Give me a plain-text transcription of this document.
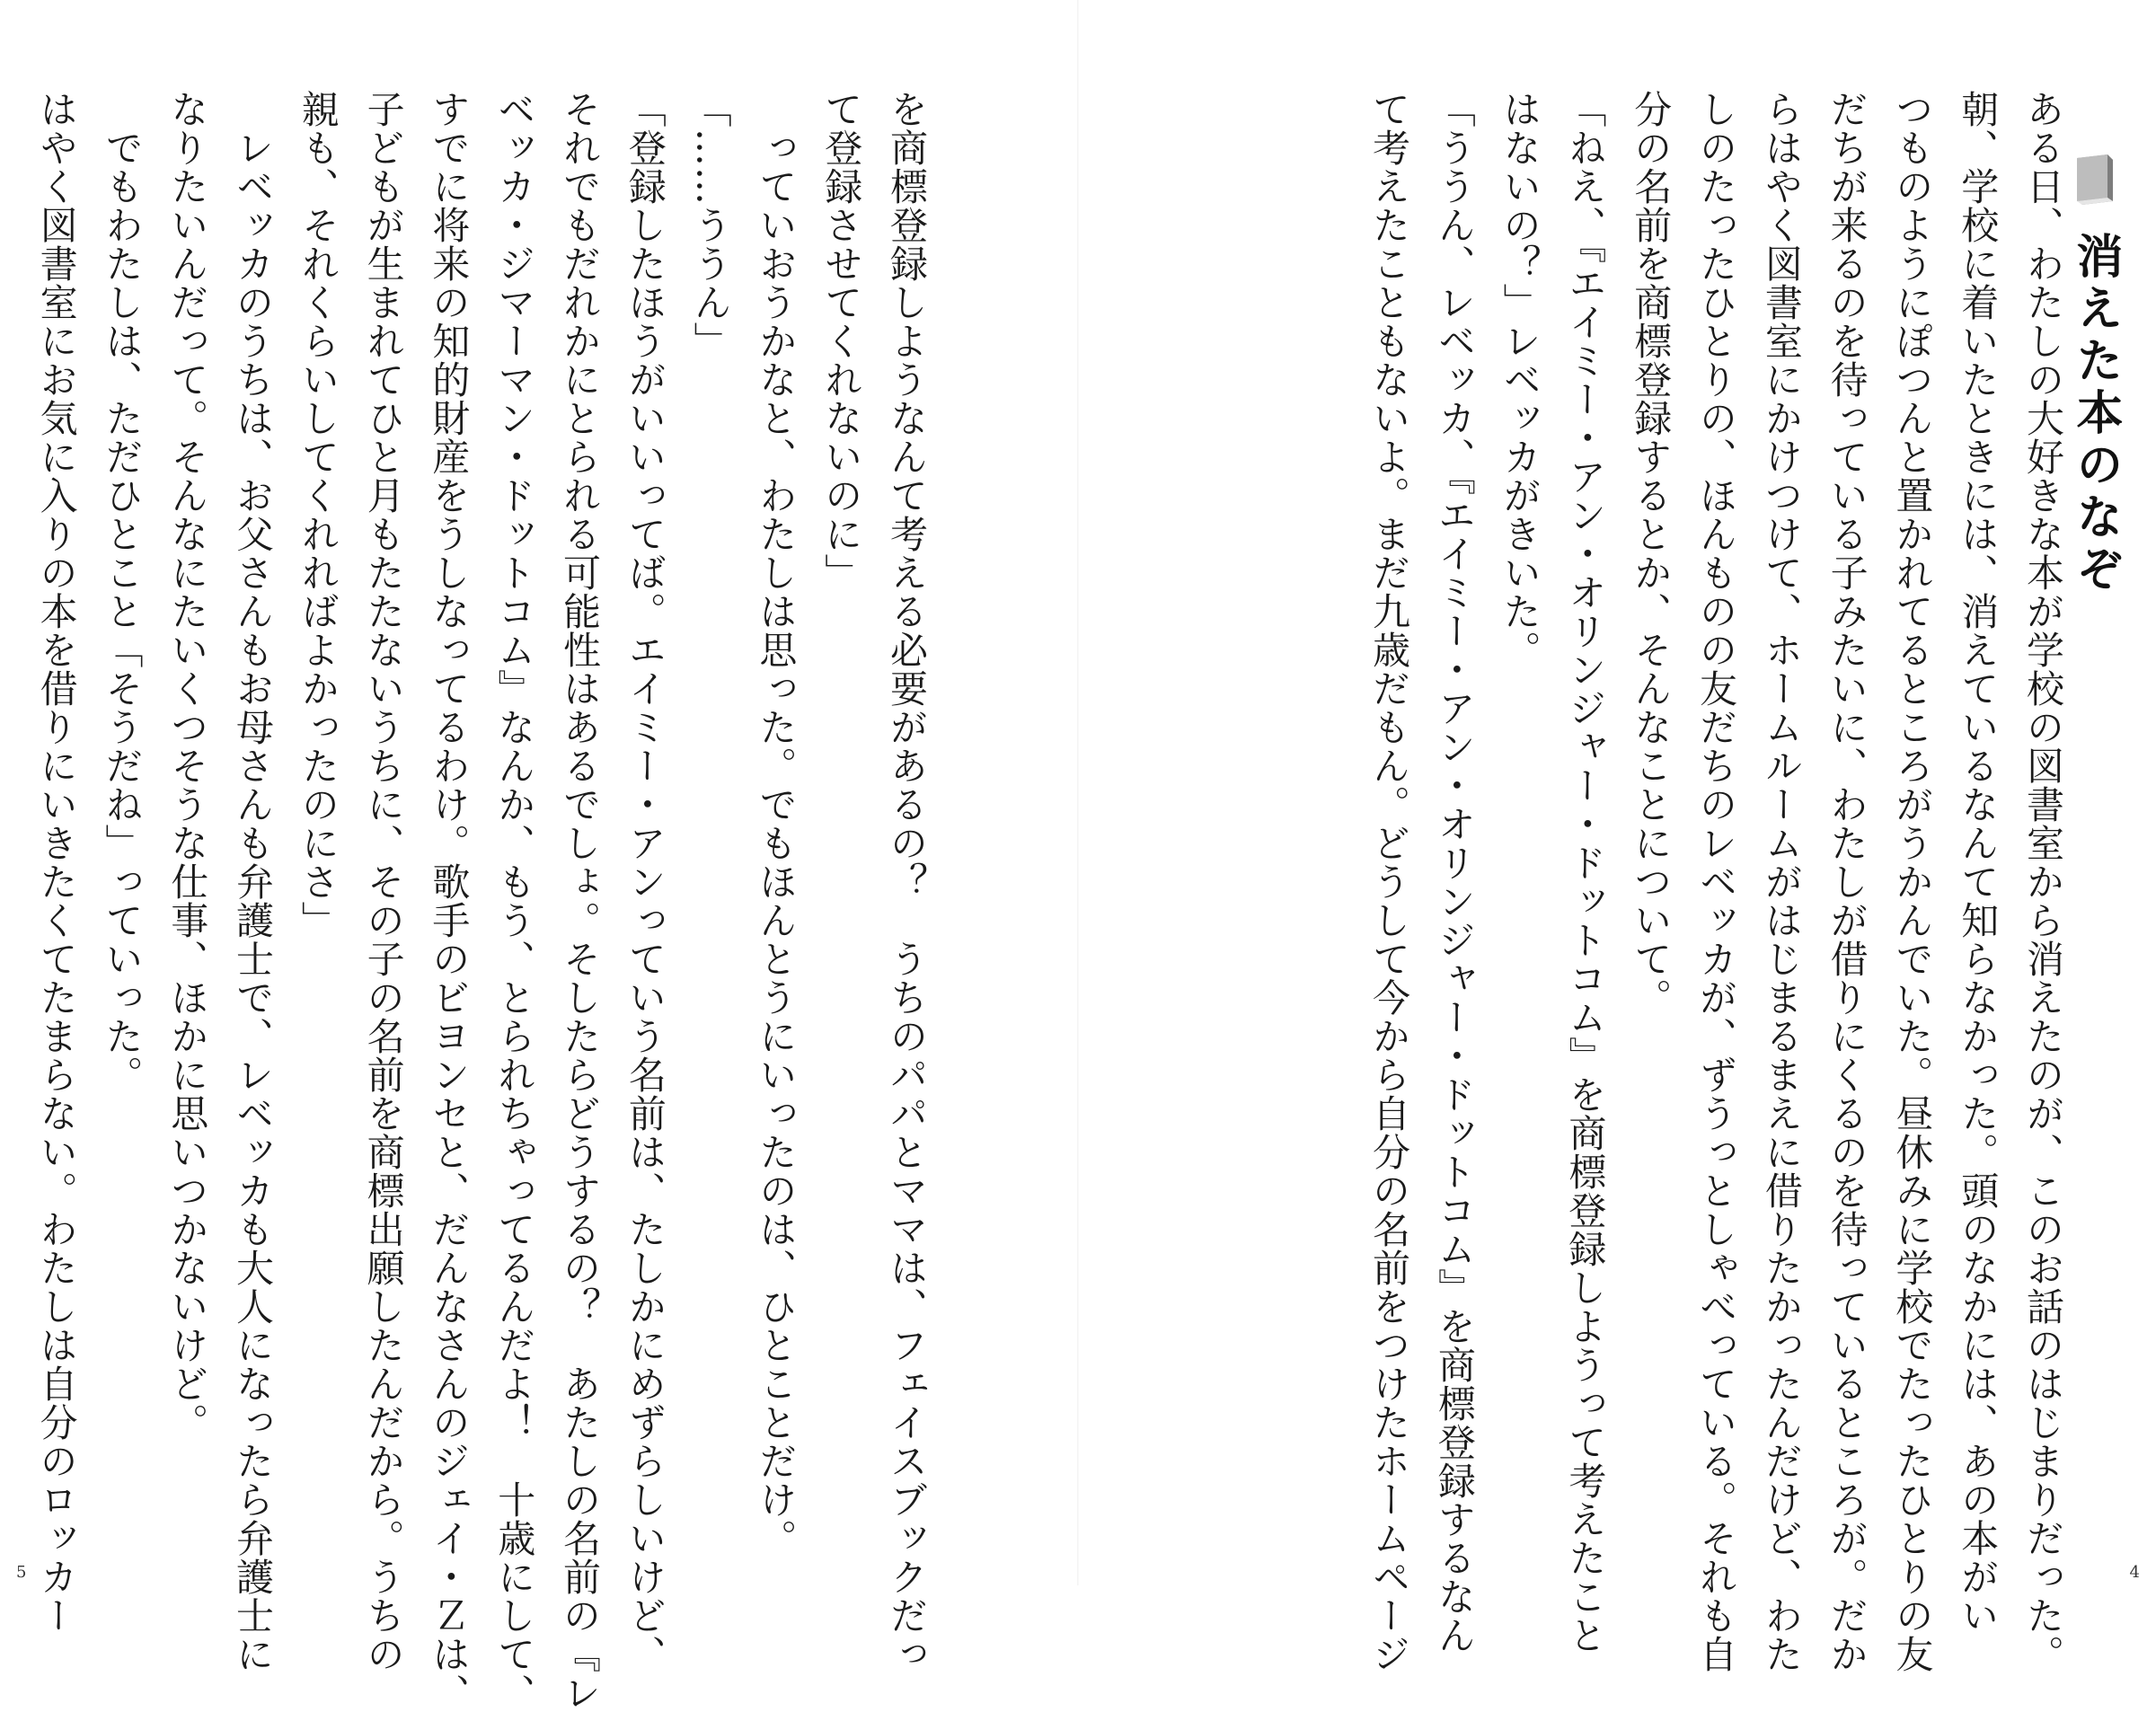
消えた本のなぞ

ある日、わたしの大好きな本が学校の図書室から消えたのが、このお話のはじまりだった。

朝、学校に着いたときには、消えているなんて知らなかった。頭のなかには、あの本がい

つものようにぽつんと置かれてるところがうかんでいた。昼休みに学校でたったひとりの友

だちが来るのを待っている子みたいに、わたしが借りにくるのを待っているところが。だか

らはやく図書室にかけつけて、ホームルームがはじまるまえに借りたかったんだけど、わた

しのたったひとりの、ほんものの友だちのレベッカが、ずうっとしゃべっている。それも自

分の名前を商標登録するとか、そんなことについて。

「ねえ、『エイミー・アン・オリンジャー・ドットコム』を商標登録しようって考えたこと

はないの？」レベッカがきいた。

「ううん、レベッカ、『エイミー・アン・オリンジャー・ドットコム』を商標登録するなん

て考えたこともないよ。まだ九歳だもん。どうして今から自分の名前をつけたホームページ	4

を商標登録しようなんて考える必要があるの？　うちのパパとママは、フェイスブックだっ

て登録させてくれないのに」

　っていおうかなと、わたしは思った。でもほんとうにいったのは、ひとことだけ。

「……ううん」

「登録したほうがいいってば。エイミー・アンっていう名前は、たしかにめずらしいけど、

それでもだれかにとられる可能性はあるでしょ。そしたらどうするの？　あたしの名前の『レ

ベッカ・ジマーマン・ドットコム』なんか、もう、とられちゃってるんだよ！　十歳にして、

すでに将来の知的財産をうしなってるわけ。歌手のビヨンセと、だんなさんのジェイ・Ｚは、

子どもが生まれてひと月もたたないうちに、その子の名前を商標出願したんだから。うちの

親も、それくらいしてくれればよかったのにさ」

　レベッカのうちは、お父さんもお母さんも弁護士で、レベッカも大人になったら弁護士に

なりたいんだって。そんなにたいくつそうな仕事、ほかに思いつかないけど。

　でもわたしは、ただひとこと「そうだね」っていった。

はやく図書室にお気に入りの本を借りにいきたくてたまらない。わたしは自分のロッカー

5
